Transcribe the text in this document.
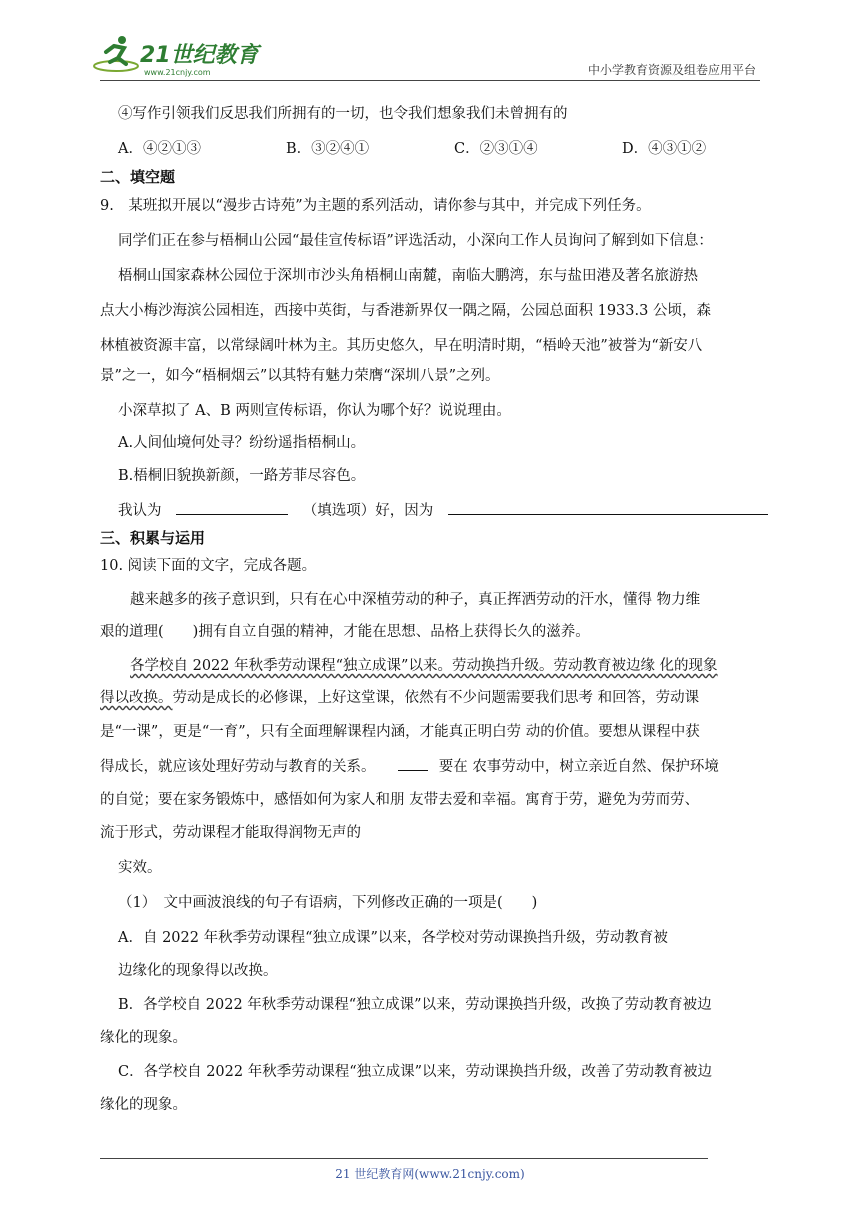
21世纪教育
www.21cnjy.com	中小学教育资源及组卷应用平台
④写作引领我们反思我们所拥有的一切，也令我们想象我们未曾拥有的
A．④②①③	B．③②④①	C．②③①④	D．④③①②
二、填空题
9.　某班拟开展以“漫步古诗苑”为主题的系列活动，请你参与其中，并完成下列任务。
同学们正在参与梧桐山公园“最佳宣传标语”评选活动，小深向工作人员询问了解到如下信息：
梧桐山国家森林公园位于深圳市沙头角梧桐山南麓，南临大鹏湾，东与盐田港及著名旅游热
点大小梅沙海滨公园相连，西接中英街，与香港新界仅一隅之隔，公园总面积 1933.3 公顷，森
林植被资源丰富，以常绿阔叶林为主。其历史悠久，早在明清时期，“梧岭天池”被誉为“新安八
景”之一，如今“梧桐烟云”以其特有魅力荣膺“深圳八景”之列。
小深草拟了 A、B 两则宣传标语，你认为哪个好？说说理由。
A.人间仙境何处寻？纷纷遥指梧桐山。
B.梧桐旧貌换新颜，一路芳菲尽容色。
我认为	（填选项）好，因为
三、积累与运用
10. 阅读下面的文字，完成各题。
越来越多的孩子意识到，只有在心中深植劳动的种子，真正挥洒劳动的汗水，懂得 物力维
艰的道理(　　)拥有自立自强的精神，才能在思想、品格上获得长久的滋养。
各学校自 2022 年秋季劳动课程“独立成课”以来。劳动换挡升级。劳动教育被边缘 化的现象
得以改换。劳动是成长的必修课，上好这堂课，依然有不少问题需要我们思考 和回答，劳动课
是“一课”，更是“一育”，只有全面理解课程内涵，才能真正明白劳 动的价值。要想从课程中获
得成长，就应该处理好劳动与教育的关系。	要在 农事劳动中，树立亲近自然、保护环境
的自觉；要在家务锻炼中，感悟如何为家人和朋 友带去爱和幸福。寓育于劳，避免为劳而劳、
流于形式，劳动课程才能取得润物无声的
实效。
（1）　文中画波浪线的句子有语病，下列修改正确的一项是(　　)
A．自 2022 年秋季劳动课程“独立成课”以来，各学校对劳动课换挡升级，劳动教育被
边缘化的现象得以改换。
B．各学校自 2022 年秋季劳动课程“独立成课”以来，劳动课换挡升级，改换了劳动教育被边
缘化的现象。
C．各学校自 2022 年秋季劳动课程“独立成课”以来，劳动课换挡升级，改善了劳动教育被边
缘化的现象。
21 世纪教育网(www.21cnjy.com)
